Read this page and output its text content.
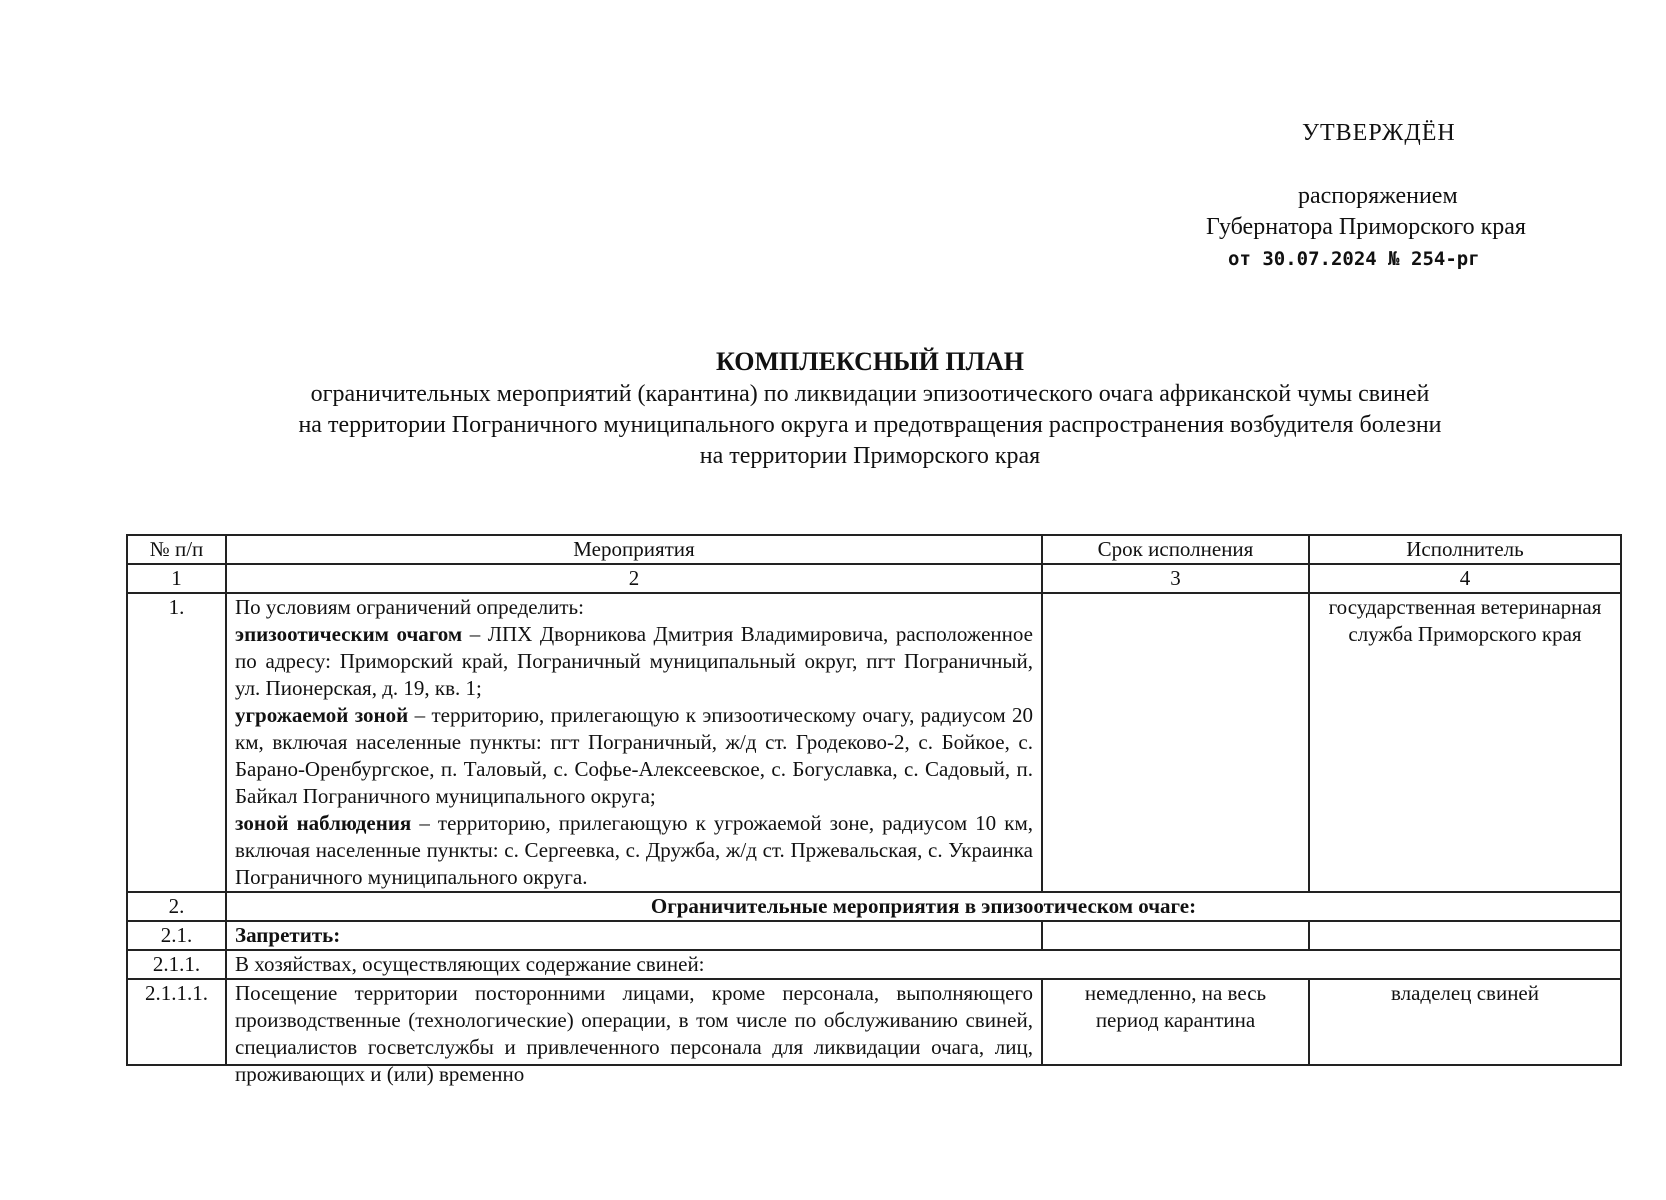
УТВЕРЖДЁН
распоряжением
Губернатора Приморского края
от 30.07.2024 № 254-рг
КОМПЛЕКСНЫЙ ПЛАН
ограничительных мероприятий (карантина) по ликвидации эпизоотического очага африканской чумы свиней
на территории Пограничного муниципального округа и предотвращения распространения возбудителя болезни
на территории Приморского края
№ п/п	Мероприятия	Срок исполнения	Исполнитель
1	2	3	4
1.	По условиям ограничений определить:
эпизоотическим очагом – ЛПХ Дворникова Дмитрия Владимировича, расположенное по адресу: Приморский край, Пограничный муниципальный округ, пгт Пограничный, ул. Пионерская, д. 19, кв. 1;
угрожаемой зоной – территорию, прилегающую к эпизоотическому очагу, радиусом 20 км, включая населенные пункты: пгт Пограничный, ж/д ст. Гродеково-2, с. Бойкое, с. Барано-Оренбургское, п. Таловый, с. Софье-Алексеевское, с. Богуславка, с. Садовый, п. Байкал Пограничного муниципального округа;
зоной наблюдения – территорию, прилегающую к угрожаемой зоне, радиусом 10 км, включая населенные пункты: с. Сергеевка, с. Дружба, ж/д ст. Пржевальская, с. Украинка Пограничного муниципального округа.		государственная ветеринарная служба Приморского края
2.	Ограничительные мероприятия в эпизоотическом очаге:		
2.1.	Запретить:		
2.1.1.	В хозяйствах, осуществляющих содержание свиней:		
2.1.1.1.	Посещение территории посторонними лицами, кроме персонала, выполняющего производственные (технологические) операции, в том числе по обслуживанию свиней, специалистов госветслужбы и привлеченного персонала для ликвидации очага, лиц, проживающих и (или) временно	немедленно, на весь период карантина	владелец свиней
